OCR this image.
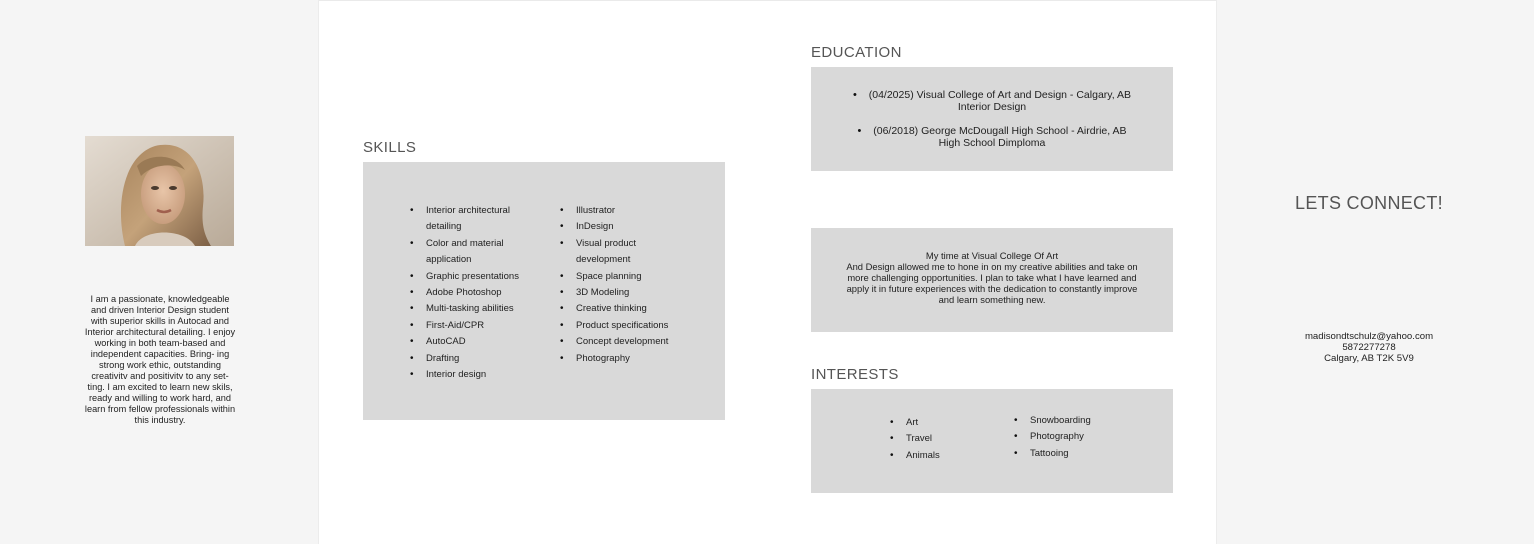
I am a passionate, knowledgeable and driven Interior Design student with superior skills in Autocad and Interior architectural detailing. I enjoy working in both team-based and independent capacities. Bring- ing strong work ethic, outstanding creativitv and positivitv to any set- ting. I am excited to learn new skils, ready and willing to work hard, and learn from fellow professionals within this industry.
SKILLS
• Interior architectural detailing
• Color and material application
• Graphic presentations
• Adobe Photoshop
• Multi-tasking abilities
• First-Aid/CPR
• AutoCAD
• Drafting
• Interior design
• Illustrator
• InDesign
• Visual product development
• Space planning
• 3D Modeling
• Creative thinking
• Product specifications
• Concept development
• Photography
EDUCATION
• (04/2025) Visual College of Art and Design - Calgary, AB
Interior Design
• (06/2018) George McDougall High School - Airdrie, AB
High School Dimploma
My time at Visual College Of Art
And Design allowed me to hone in on my creative abilities and take on more challenging opportunities. I plan to take what I have learned and apply it in future experiences with the dedication to constantly improve and learn something new.
INTERESTS
• Art
• Travel
• Animals
• Snowboarding
• Photography
• Tattooing
LETS CONNECT!
madisondtschulz@yahoo.com
5872277278
Calgary, AB T2K 5V9
